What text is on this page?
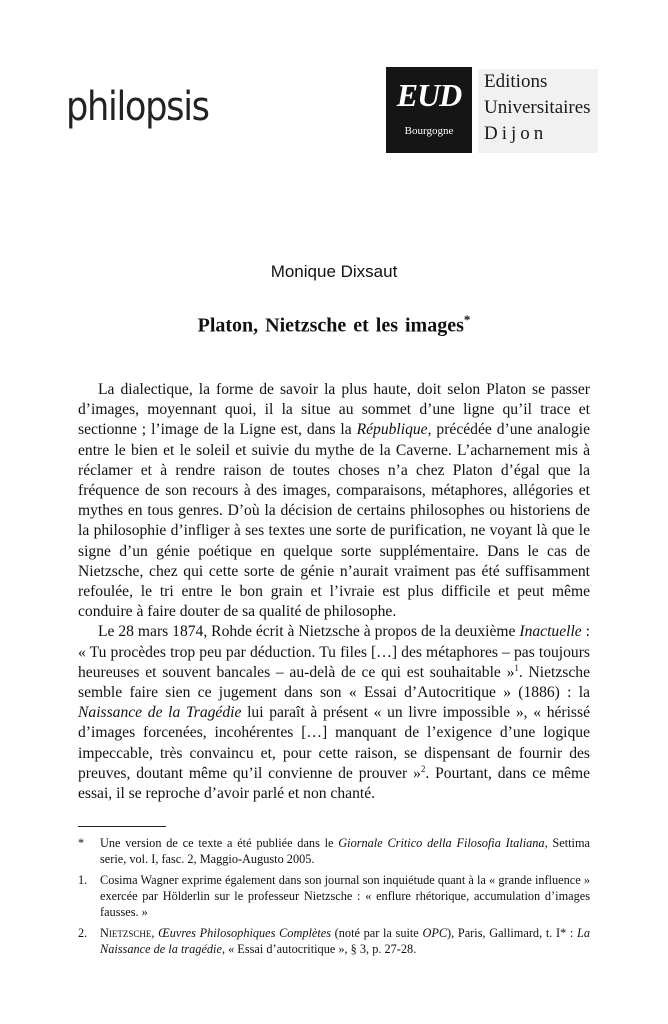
philopsis	EUD
Bourgogne
Editions
Universitaires
Dijon
Monique Dixsaut
Platon, Nietzsche et les images*

La dialectique, la forme de savoir la plus haute, doit selon Platon se passer d’images, moyennant quoi, il la situe au sommet d’une ligne qu’il trace et sectionne ; l’image de la Ligne est, dans la République, précédée d’une analogie entre le bien et le soleil et suivie du mythe de la Caverne. L’acharnement mis à réclamer et à rendre raison de toutes choses n’a chez Platon d’égal que la fréquence de son recours à des images, comparaisons, métaphores, allégories et mythes en tous genres. D’où la décision de certains philosophes ou historiens de la philosophie d’infliger à ses textes une sorte de purification, ne voyant là que le signe d’un génie poétique en quelque sorte supplémentaire. Dans le cas de Nietzsche, chez qui cette sorte de génie n’aurait vraiment pas été suffisamment refoulée, le tri entre le bon grain et l’ivraie est plus difficile et peut même conduire à faire douter de sa qualité de philosophe.

Le 28 mars 1874, Rohde écrit à Nietzsche à propos de la deuxième Inactuelle : « Tu procèdes trop peu par déduction. Tu files […] des métaphores – pas toujours heureuses et souvent bancales – au-delà de ce qui est souhaitable »$^1$. Nietzsche semble faire sien ce jugement dans son « Essai d’Autocritique » (1886) : la Naissance de la Tragédie lui paraît à présent « un livre impossible », « hérissé d’images forcenées, incohérentes […] manquant de l’exigence d’une logique impeccable, très convaincu et, pour cette raison, se dispensant de fournir des preuves, doutant même qu’il convienne de prouver »$^2$. Pourtant, dans ce même essai, il se reproche d’avoir parlé et non chanté.

* Une version de ce texte a été publiée dans le Giornale Critico della Filosofia Italiana, Settima serie, vol. I, fasc. 2, Maggio-Augusto 2005.
1. Cosima Wagner exprime également dans son journal son inquiétude quant à la « grande influence » exercée par Hölderlin sur le professeur Nietzsche : « enflure rhétorique, accumulation d’images fausses. »
2. Nietzsche, Œuvres Philosophiques Complètes (noté par la suite OPC), Paris, Gallimard, t. I* : La Naissance de la tragédie, « Essai d’autocritique », § 3, p. 27-28.
